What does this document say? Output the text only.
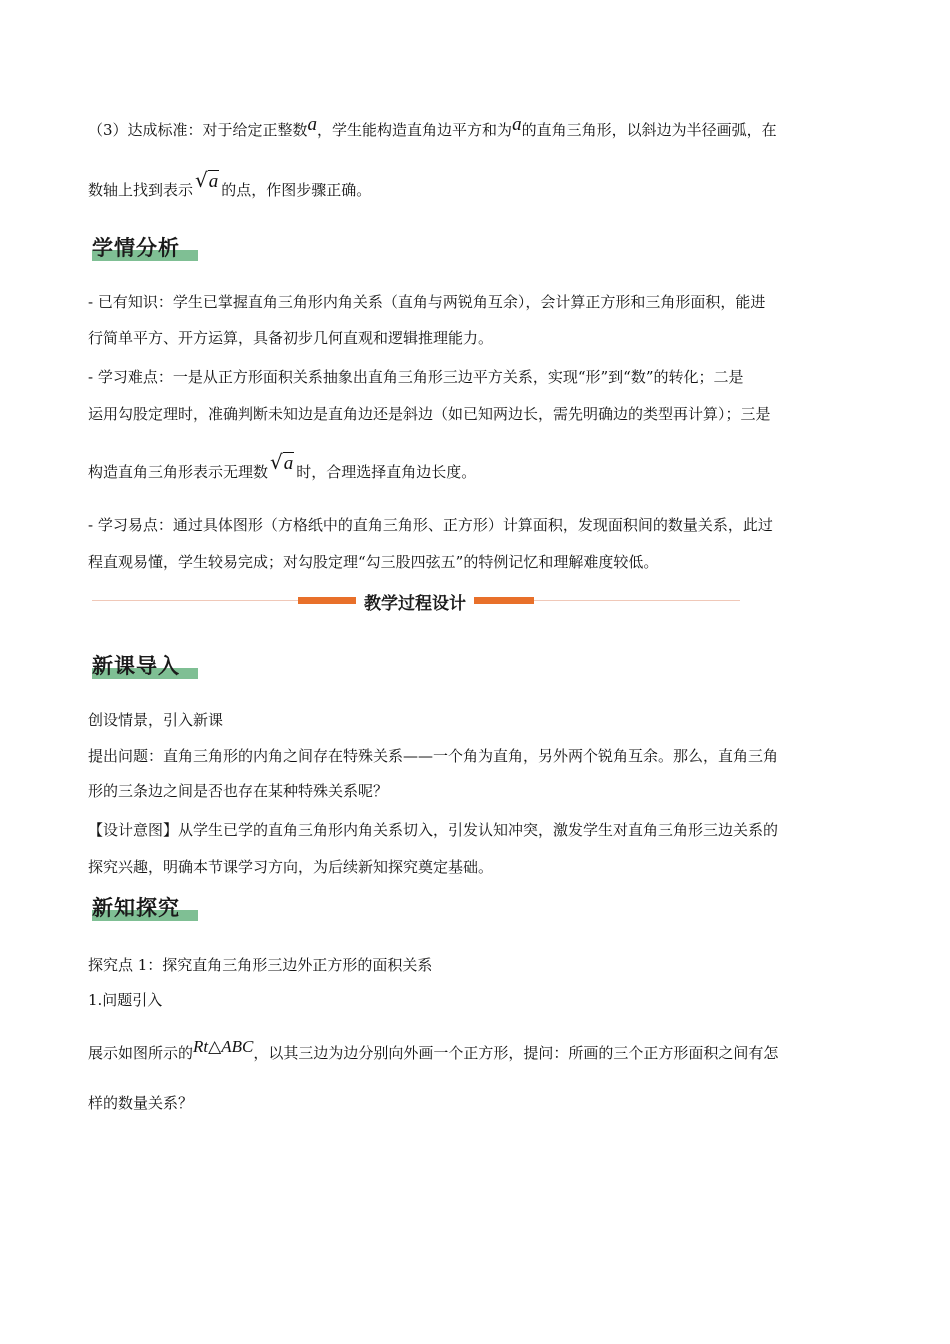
（3）达成标准：对于给定正整数a，学生能构造直角边平方和为a的直角三角形，以斜边为半径画弧，在
数轴上找到表示 √a 的点，作图步骤正确。
学情分析
- 已有知识：学生已掌握直角三角形内角关系（直角与两锐角互余），会计算正方形和三角形面积，能进
行简单平方、开方运算，具备初步几何直观和逻辑推理能力。
- 学习难点：一是从正方形面积关系抽象出直角三角形三边平方关系，实现“形”到“数”的转化；二是
运用勾股定理时，准确判断未知边是直角边还是斜边（如已知两边长，需先明确边的类型再计算）；三是
构造直角三角形表示无理数 √a 时，合理选择直角边长度。
- 学习易点：通过具体图形（方格纸中的直角三角形、正方形）计算面积，发现面积间的数量关系，此过
程直观易懂，学生较易完成；对勾股定理“勾三股四弦五”的特例记忆和理解难度较低。
教学过程设计
新课导入
创设情景，引入新课
提出问题：直角三角形的内角之间存在特殊关系——一个角为直角，另外两个锐角互余。那么，直角三角
形的三条边之间是否也存在某种特殊关系呢？
【设计意图】从学生已学的直角三角形内角关系切入，引发认知冲突，激发学生对直角三角形三边关系的
探究兴趣，明确本节课学习方向，为后续新知探究奠定基础。
新知探究
探究点 1：探究直角三角形三边外正方形的面积关系
1.问题引入
展示如图所示的Rt△ABC，以其三边为边分别向外画一个正方形，提问：所画的三个正方形面积之间有怎
样的数量关系？
